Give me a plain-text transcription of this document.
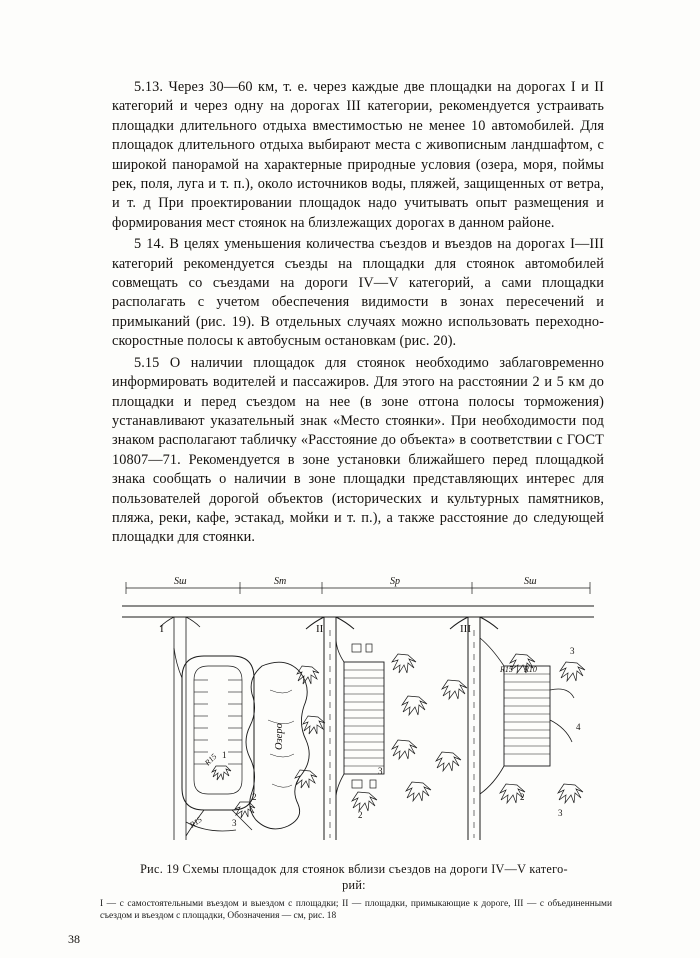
5.13. Через 30—60 км, т. е. через каждые две площадки на дорогах I и II категорий и через одну на дорогах III категории, рекомендуется устраивать площадки длительного отдыха вместимостью не менее 10 автомобилей. Для площадок длительного отдыха выбирают места с живописным ландшафтом, с широкой панорамой на характерные природные условия (озера, моря, поймы рек, поля, луга и т. п.), около источников воды, пляжей, защищенных от ветра, и т. д При проектировании площадок надо учитывать опыт размещения и формирования мест стоянок на близлежащих дорогах в данном районе.

5 14. В целях уменьшения количества съездов и въездов на дорогах I—III категорий рекомендуется съезды на площадки для стоянок автомобилей совмещать со съездами на дороги IV—V категорий, а сами площадки располагать с учетом обеспечения видимости в зонах пересечений и примыканий (рис. 19). В отдельных случаях можно использовать переходно-скоростные полосы к автобусным остановкам (рис. 20).

5.15 О наличии площадок для стоянок необходимо заблаговременно информировать водителей и пассажиров. Для этого на расстоянии 2 и 5 км до площадки и перед съездом на нее (в зоне отгона полосы торможения) устанавливают указательный знак «Место стоянки». При необходимости под знаком располагают табличку «Расстояние до объекта» в соответствии с ГОСТ 10807—71. Рекомендуется в зоне установки ближайшего перед площадкой знака сообщать о наличии в зоне площадки представляющих интерес для пользователей дорогой объектов (исторических и культурных памятников, пляжа, реки, кафе, эстакад, мойки и т. п.), а также расстояние до следующей площадки для стоянки.

Sш	Sт	Sp	Sш
I	II	III
Озеро
R15
R15
R15 R10
1
2
3
3
2
3
4
2
3
Рис. 19 Схемы площадок для стоянок вблизи съездов на дороги IV—V катего-
рий:
I — с самостоятельными въездом и выездом с площадки; II — площадки, примыкающие к дороге, III — с объединенными съездом и въездом с площадки, Обозначения — см, рис. 18
38
